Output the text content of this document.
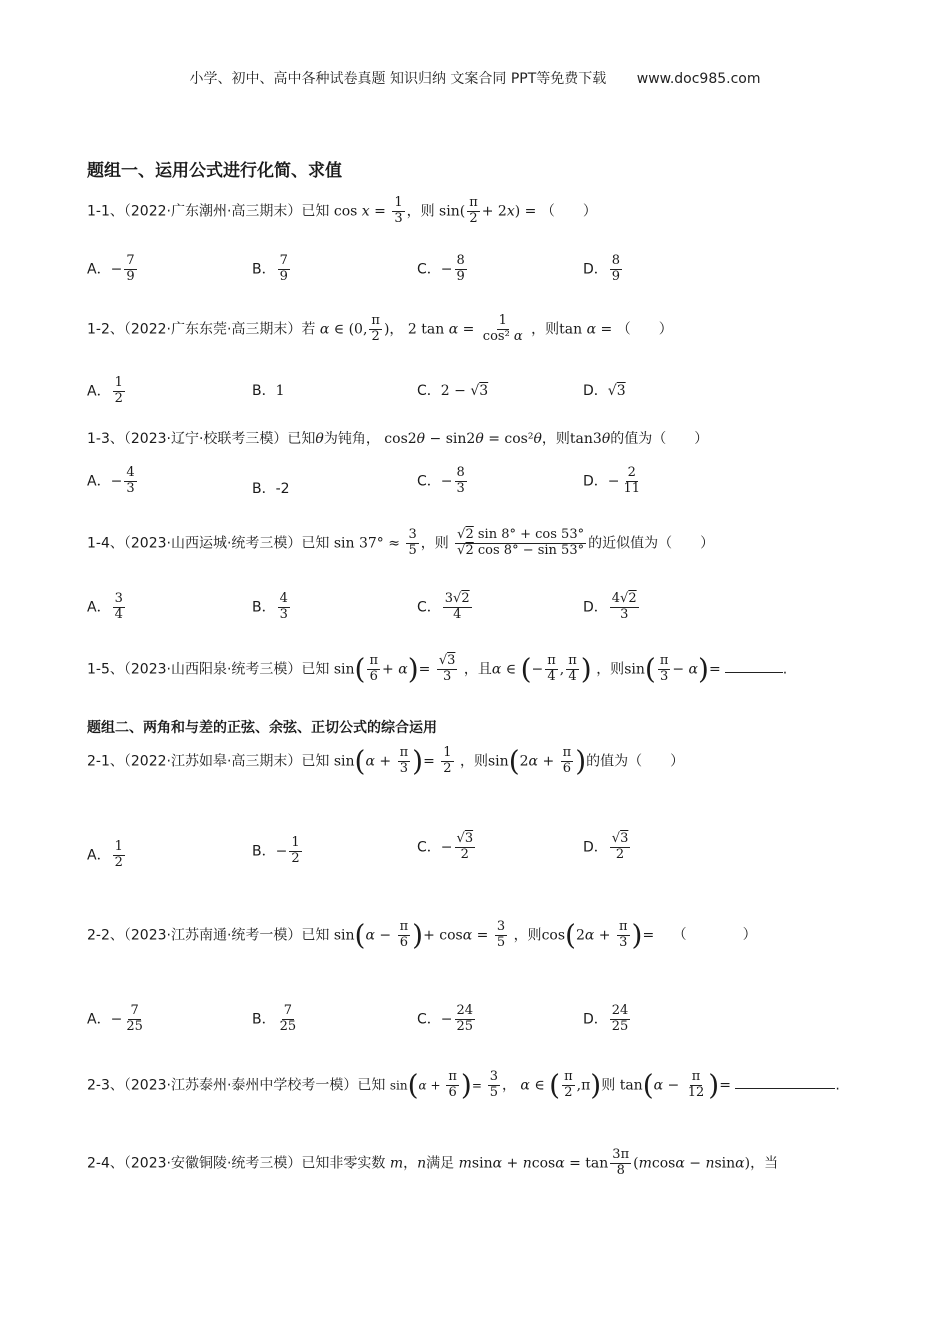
小学、初中、高中各种试卷真题 知识归纳 文案合同 PPT等免费下载 www.doc985.com
题组一、运用公式进行化简、求值
1-1、（2022·广东潮州·高三期末）已知 $\cos x = \frac{1}{3}$ ，则 $\sin( \frac{\pi}{2} + 2x)$ = （　　）
A．− $\frac{7}{9}$	B． $\frac{7}{9}$	C．− $\frac{8}{9}$	D． $\frac{8}{9}$
1-2、（2022·广东东莞·高三期末）若 α ∈ (0, $\frac{\pi}{2}$ )， 2 $\tan \alpha = \frac{1}{\text{cos² α}}$ ，则tan α = （　　）
A． $\frac{1}{2}$	B．1	C．2 − √3	D．√3
1-3、（2023·辽宁·校联考三模）已知θ为钝角， cos2θ − sin2θ = cos²θ，则tan3θ的值为（　　）
A．− $\frac{4}{3}$	B．-2	C．− $\frac{8}{3}$	D．− $\frac{2}{11}$
1-4、（2023·山西运城·统考三模）已知 $\sin 37^\circ \approx \frac{3}{5}$ ，则 $\frac{√2 \sin 8^\circ + \cos 53^\circ}{√2 \cos 8^\circ - \sin 53^\circ}$ 的近似值为（　　）
A． $\frac{3}{4}$	B． $\frac{4}{3}$	C． $\frac{3√2}{4}$	D． $\frac{4√2}{3}$
1-5、（2023·山西阳泉·统考三模）已知 $\sin( \frac{\pi}{6} + \alpha)= \frac{√3}{3}$ ，且α ∈ (− $\frac{\pi}{4}$ , $\frac{\pi}{4}$ ) ，则$\sin( \frac{\pi}{3} - \alpha)=$	.
题组二、两角和与差的正弦、余弦、正切公式的综合运用
2-1、（2022·江苏如皋·高三期末）已知 $\sin(\alpha + \frac{\pi}{3}$ )= $\frac{1}{2}$ ，则$\sin(2\alpha + \frac{\pi}{6}$ )的值为（　　）
A． $\frac{1}{2}$	B．− $\frac{1}{2}$	C．− $\frac{√3}{2}$	D． $\frac{√3}{2}$
2-2、（2023·江苏南通·统考一模）已知 $\sin(\alpha - \frac{\pi}{6}$ )+ $\cos\alpha = \frac{3}{5}$ ，则$\cos(2\alpha + \frac{\pi}{3}$ )= （　　　　）
A．− $\frac{7}{25}$	B． $\frac{7}{25}$	C．− $\frac{24}{25}$	D． $\frac{24}{25}$
2-3、（2023·江苏泰州·泰州中学校考一模）已知 $\sin(\alpha + \frac{\pi}{6}$ )= $\frac{3}{5}$ ， α ∈ ( $\frac{\pi}{2} ,\pi$)则 $\tan(\alpha - \frac{\pi}{12}$ )=	.
2-4、（2023·安徽铜陵·统考三模）已知非零实数 m，n满足 $msin\alpha + ncos\alpha = \tan \frac{3\pi}{8} (mcos\alpha - nsin\alpha)$，当
